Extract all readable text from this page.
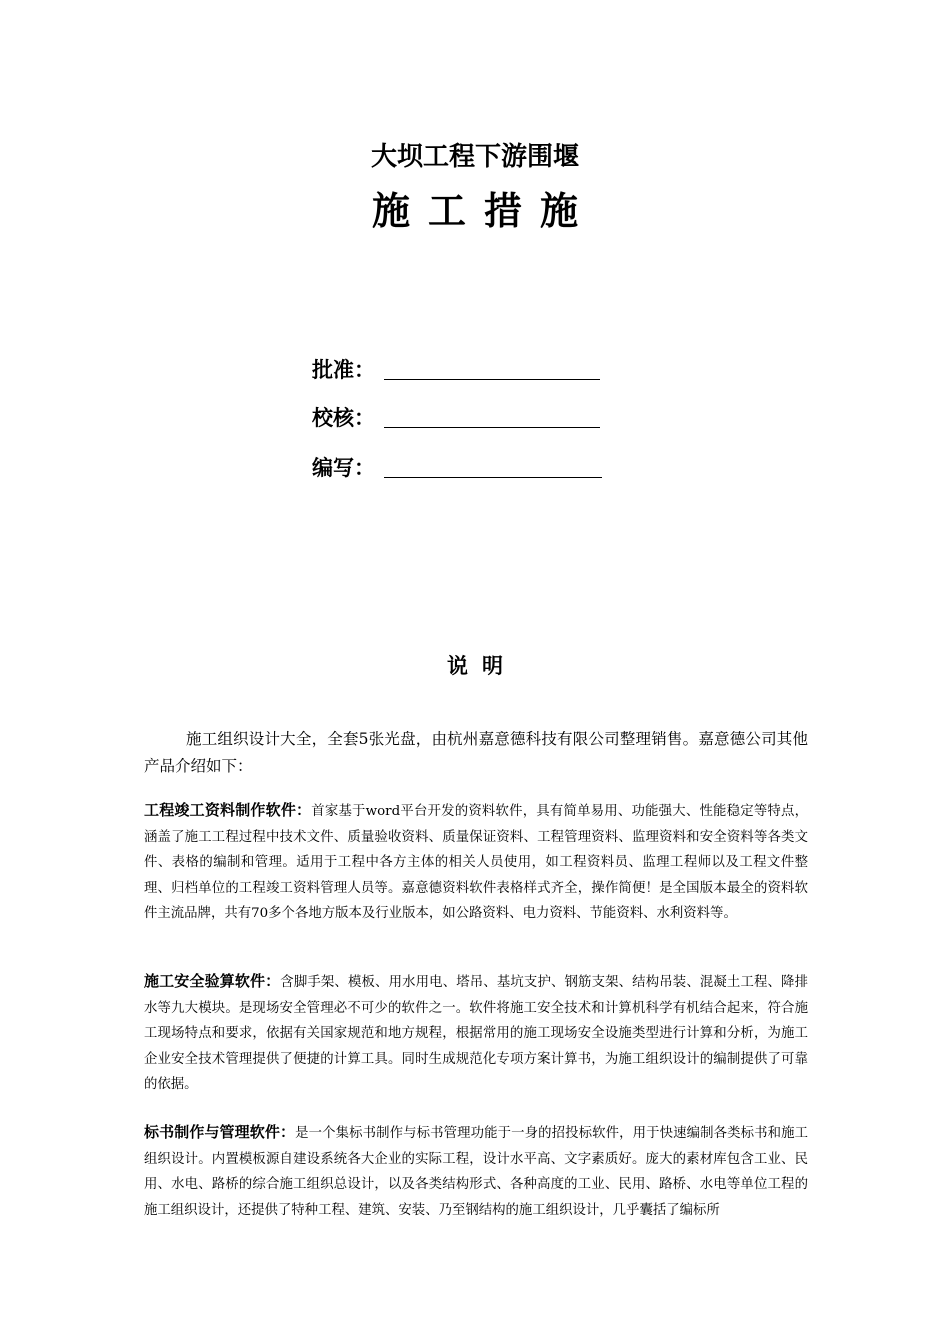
大坝工程下游围堰
施工措施
批准：
校核：
编写：
说明

施工组织设计大全，全套5张光盘，由杭州嘉意德科技有限公司整理销售。嘉意德公司其他产品介绍如下：

工程竣工资料制作软件：首家基于word平台开发的资料软件，具有简单易用、功能强大、性能稳定等特点，涵盖了施工工程过程中技术文件、质量验收资料、质量保证资料、工程管理资料、监理资料和安全资料等各类文件、表格的编制和管理。适用于工程中各方主体的相关人员使用，如工程资料员、监理工程师以及工程文件整理、归档单位的工程竣工资料管理人员等。嘉意德资料软件表格样式齐全，操作简便！是全国版本最全的资料软件主流品牌，共有70多个各地方版本及行业版本，如公路资料、电力资料、节能资料、水利资料等。

施工安全验算软件：含脚手架、模板、用水用电、塔吊、基坑支护、钢筋支架、结构吊装、混凝土工程、降排水等九大模块。是现场安全管理必不可少的软件之一。软件将施工安全技术和计算机科学有机结合起来，符合施工现场特点和要求，依据有关国家规范和地方规程，根据常用的施工现场安全设施类型进行计算和分析，为施工企业安全技术管理提供了便捷的计算工具。同时生成规范化专项方案计算书，为施工组织设计的编制提供了可靠的依据。

标书制作与管理软件：是一个集标书制作与标书管理功能于一身的招投标软件，用于快速编制各类标书和施工组织设计。内置模板源自建设系统各大企业的实际工程，设计水平高、文字素质好。庞大的素材库包含工业、民用、水电、路桥的综合施工组织总设计，以及各类结构形式、各种高度的工业、民用、路桥、水电等单位工程的施工组织设计，还提供了特种工程、建筑、安装、乃至钢结构的施工组织设计，几乎囊括了编标所
